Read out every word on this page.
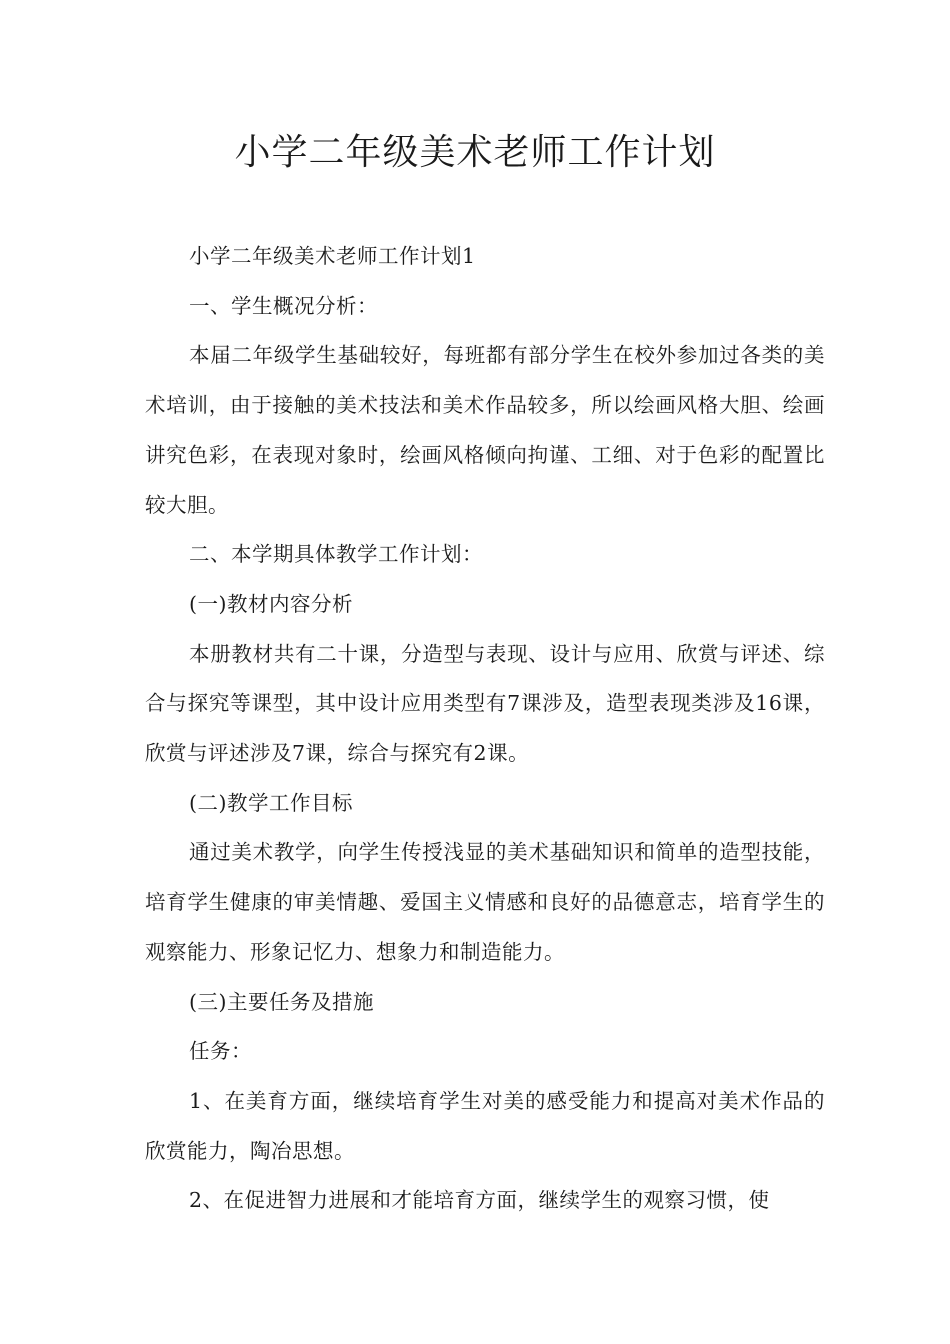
小学二年级美术老师工作计划

小学二年级美术老师工作计划1

一、学生概况分析：

本届二年级学生基础较好，每班都有部分学生在校外参加过各类的美术培训，由于接触的美术技法和美术作品较多，所以绘画风格大胆、绘画讲究色彩，在表现对象时，绘画风格倾向拘谨、工细、对于色彩的配置比较大胆。

二、本学期具体教学工作计划：

(一)教材内容分析

本册教材共有二十课，分造型与表现、设计与应用、欣赏与评述、综合与探究等课型，其中设计应用类型有7课涉及，造型表现类涉及16课，欣赏与评述涉及7课，综合与探究有2课。

(二)教学工作目标

通过美术教学，向学生传授浅显的美术基础知识和简单的造型技能，培育学生健康的审美情趣、爱国主义情感和良好的品德意志，培育学生的观察能力、形象记忆力、想象力和制造能力。

(三)主要任务及措施

任务：

1、在美育方面，继续培育学生对美的感受能力和提高对美术作品的欣赏能力，陶冶思想。

2、在促进智力进展和才能培育方面，继续学生的观察习惯，使
